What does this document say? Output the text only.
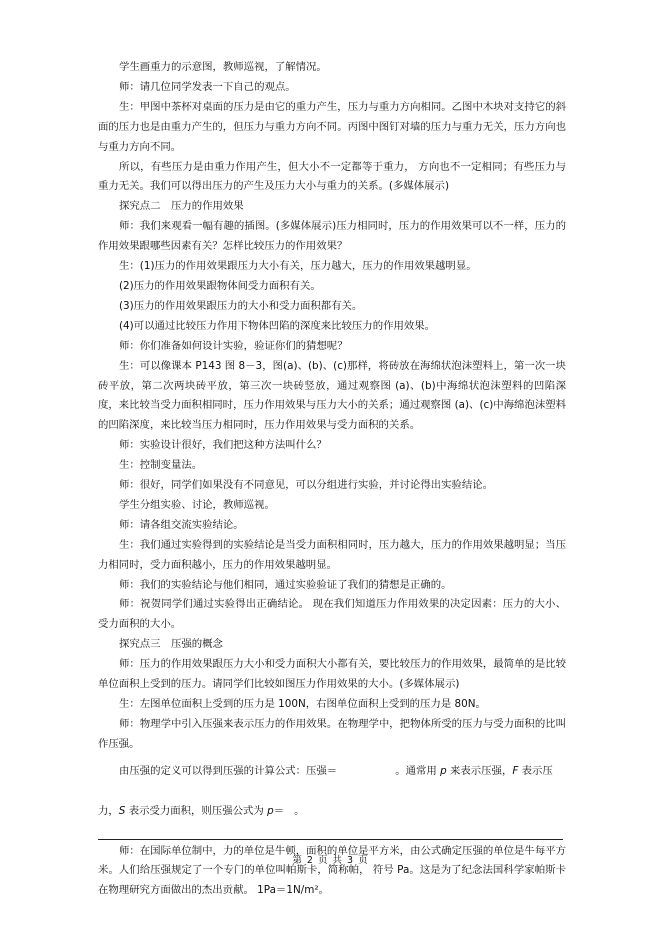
学生画重力的示意图，教师巡视，了解情况。

师：请几位同学发表一下自己的观点。

生：甲图中茶杯对桌面的压力是由它的重力产生，压力与重力方向相同。乙图中木块对支持它的斜面的压力也是由重力产生的，但压力与重力方向不同。丙图中图钉对墙的压力与重力无关，压力方向也与重力方向不同。

所以，有些压力是由重力作用产生，但大小不一定都等于重力， 方向也不一定相同；有些压力与重力无关。我们可以得出压力的产生及压力大小与重力的关系。(多媒体展示)

探究点二　压力的作用效果

师：我们来观看一幅有趣的插图。(多媒体展示)压力相同时，压力的作用效果可以不一样，压力的作用效果跟哪些因素有关？怎样比较压力的作用效果？

生：(1)压力的作用效果跟压力大小有关，压力越大，压力的作用效果越明显。

(2)压力的作用效果跟物体间受力面积有关。

(3)压力的作用效果跟压力的大小和受力面积都有关。

(4)可以通过比较压力作用下物体凹陷的深度来比较压力的作用效果。

师：你们准备如何设计实验，验证你们的猜想呢？

生：可以像课本 P143 图 8－3，图(a)、(b)、(c)那样，将砖放在海绵状泡沫塑料上，第一次一块砖平放，第二次两块砖平放，第三次一块砖竖放，通过观察图 (a)、(b)中海绵状泡沫塑料的凹陷深度，来比较当受力面积相同时，压力作用效果与压力大小的关系；通过观察图 (a)、(c)中海绵泡沫塑料的凹陷深度，来比较当压力相同时，压力作用效果与受力面积的关系。

师：实验设计很好，我们把这种方法叫什么？

生：控制变量法。

师：很好，同学们如果没有不同意见，可以分组进行实验，并讨论得出实验结论。

学生分组实验、讨论，教师巡视。

师：请各组交流实验结论。

生：我们通过实验得到的实验结论是当受力面积相同时，压力越大，压力的作用效果越明显；当压力相同时，受力面积越小，压力的作用效果越明显。

师：我们的实验结论与他们相同，通过实验验证了我们的猜想是正确的。

师：祝贺同学们通过实验得出正确结论。 现在我们知道压力作用效果的决定因素：压力的大小、受力面积的大小。

探究点三　压强的概念

师：压力的作用效果跟压力大小和受力面积大小都有关，要比较压力的作用效果，最简单的是比较单位面积上受到的压力。请同学们比较如图压力作用效果的大小。(多媒体展示)

生：左图单位面积上受到的压力是 100N，右图单位面积上受到的压力是 80N。

师：物理学中引入压强来表示压力的作用效果。在物理学中，把物体所受的压力与受力面积的比叫作压强。

由压强的定义可以得到压强的计算公式：压强＝	。通常用 p 来表示压强，F 表示压

力，S 表示受力面积，则压强公式为 p＝ 。

师：在国际单位制中，力的单位是牛顿，面积的单位是平方米，由公式确定压强的单位是牛每平方米。人们给压强规定了一个专门的单位叫帕斯卡，简称帕， 符号 Pa。这是为了纪念法国科学家帕斯卡在物理研究方面做出的杰出贡献。 1Pa＝1N/m²。

第 2 页 共 3 页
